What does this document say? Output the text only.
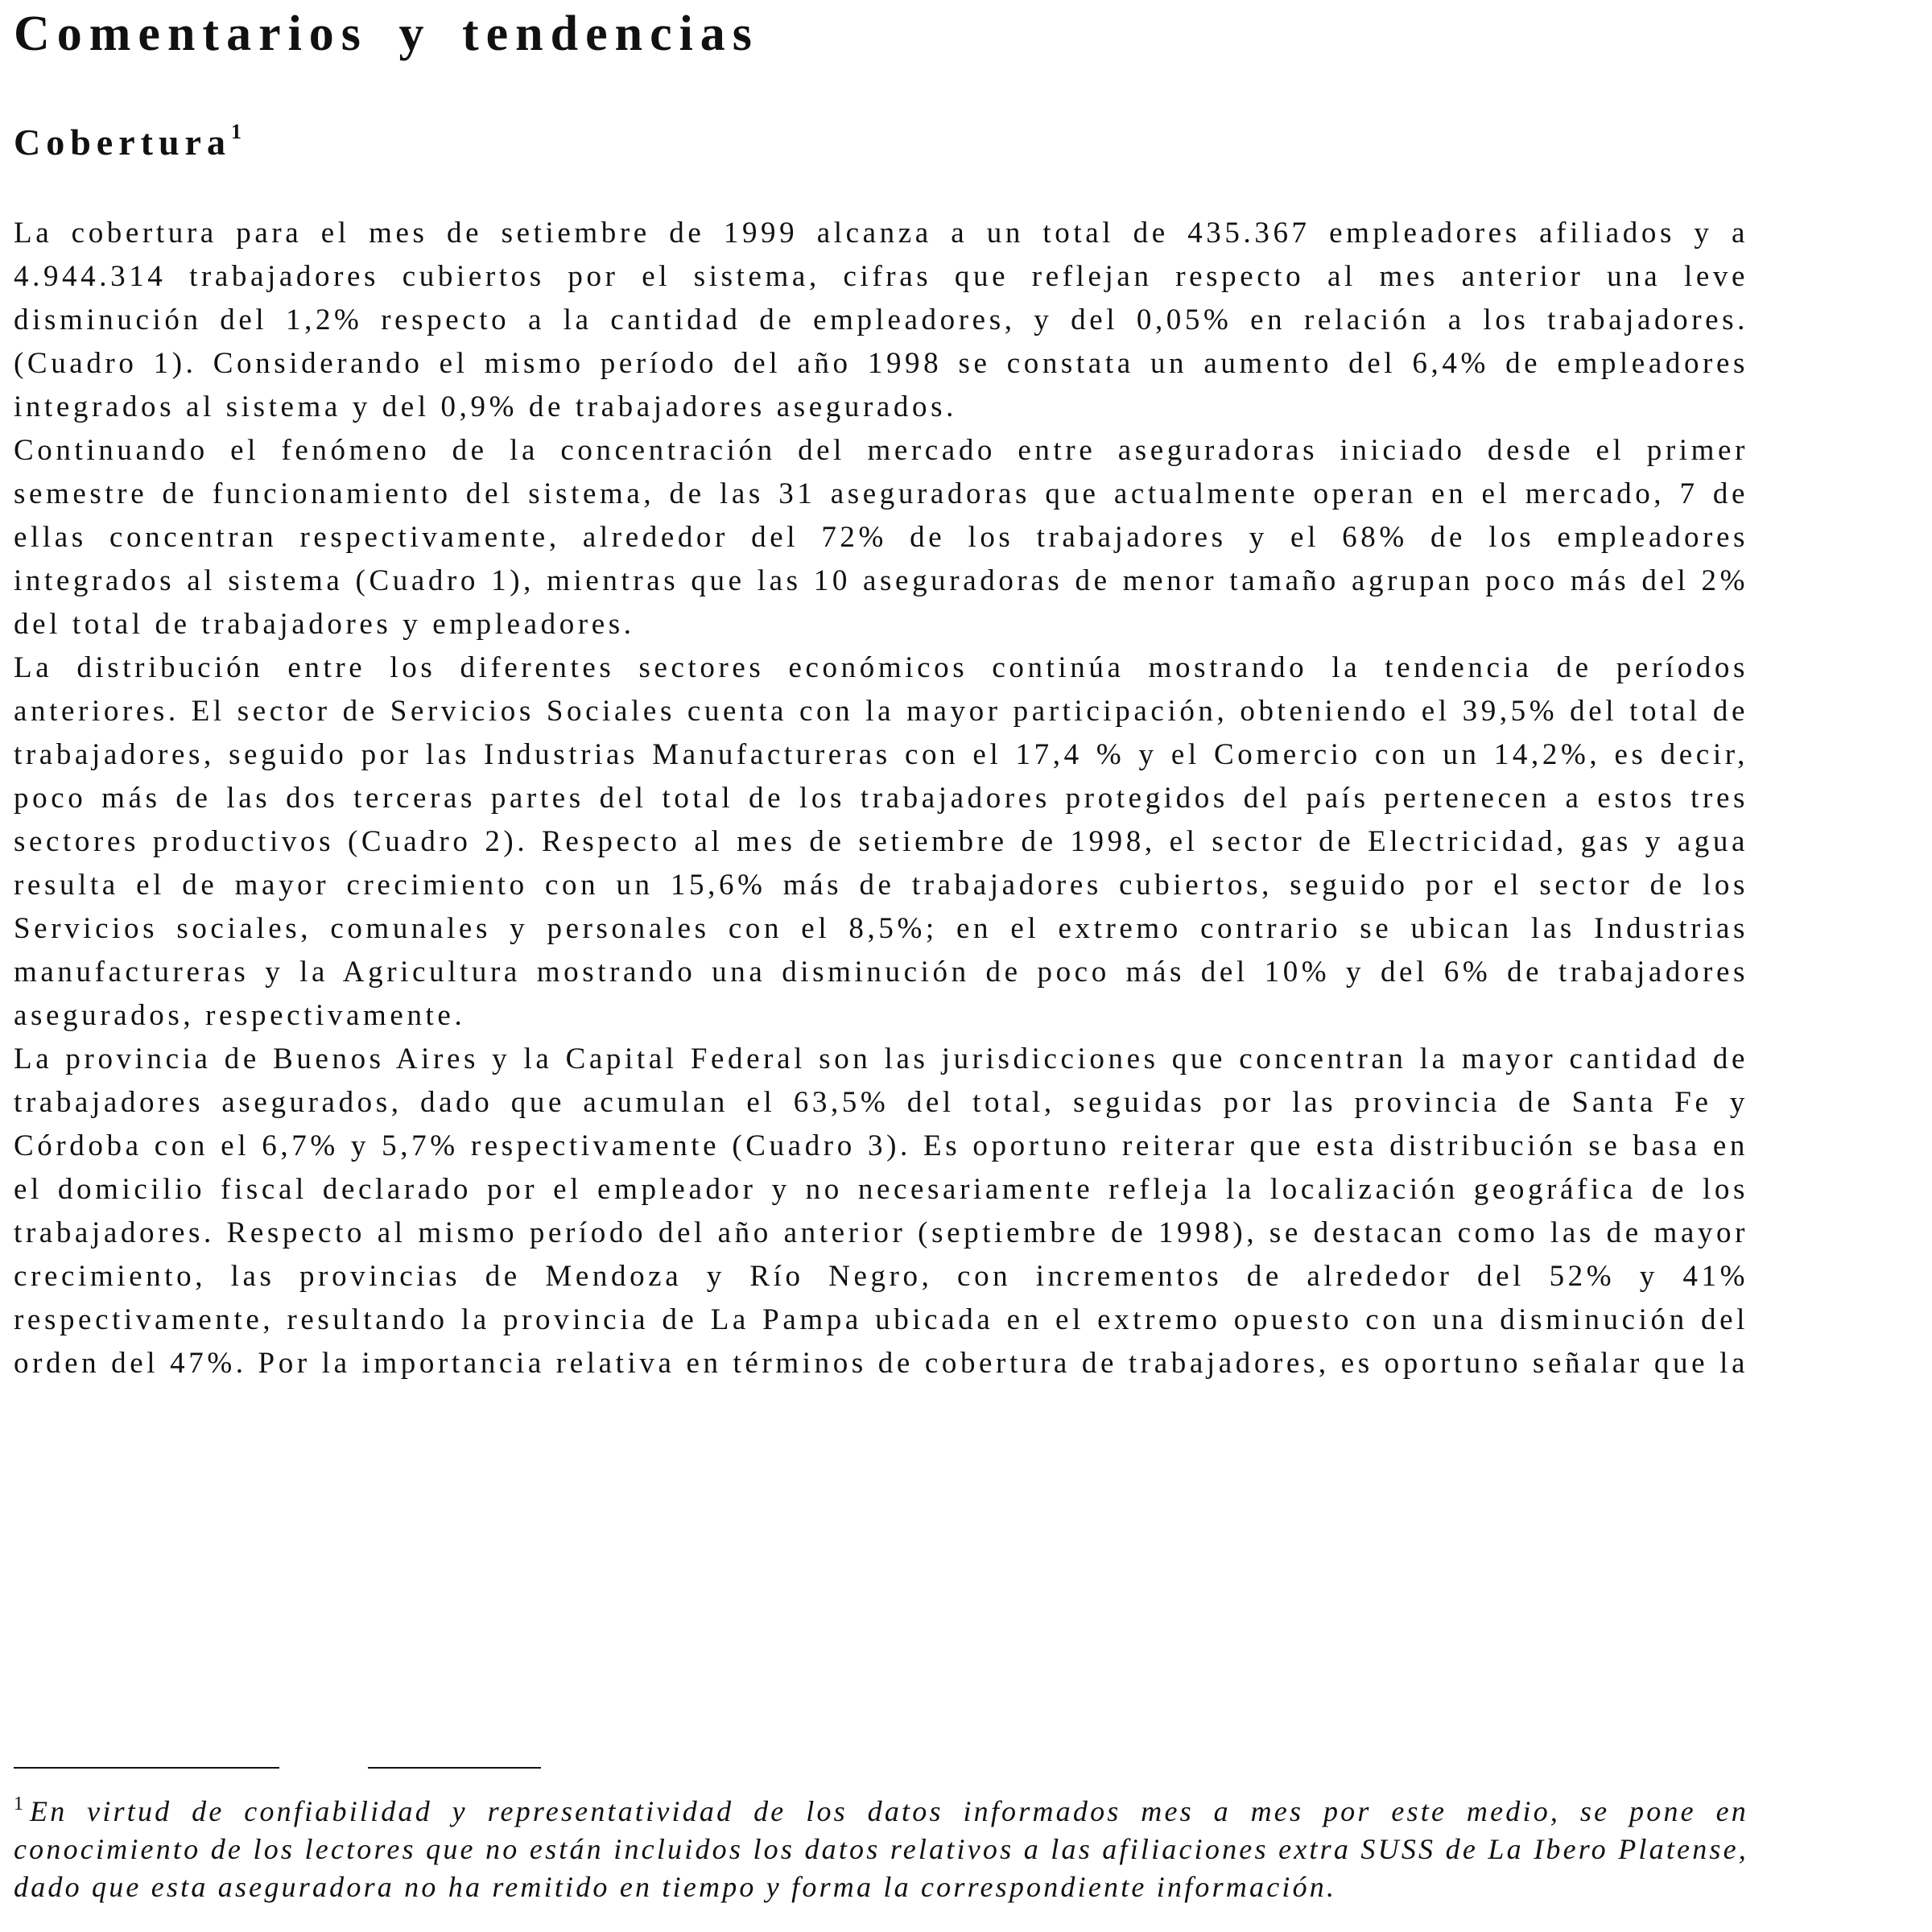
Comentarios y tendencias
Cobertura$^1$

La cobertura para el mes de setiembre de 1999 alcanza a un total de 435.367 empleadores afiliados y a 4.944.314 trabajadores cubiertos por el sistema, cifras que reflejan respecto al mes anterior una leve disminución del 1,2% respecto a la cantidad de empleadores, y del 0,05% en relación a los trabajadores. (Cuadro 1). Considerando el mismo período del año 1998 se constata un aumento del 6,4% de empleadores integrados al sistema y del 0,9% de trabajadores asegurados.

Continuando el fenómeno de la concentración del mercado entre aseguradoras iniciado desde el primer semestre de funcionamiento del sistema, de las 31 aseguradoras que actualmente operan en el mercado, 7 de ellas concentran respectivamente, alrededor del 72% de los trabajadores y el 68% de los empleadores integrados al sistema (Cuadro 1), mientras que las 10 aseguradoras de menor tamaño agrupan poco más del 2% del total de trabajadores y empleadores.

La distribución entre los diferentes sectores económicos continúa mostrando la tendencia de períodos anteriores. El sector de Servicios Sociales cuenta con la mayor participación, obteniendo el 39,5% del total de trabajadores, seguido por las Industrias Manufactureras con el 17,4 % y el Comercio con un 14,2%, es decir, poco más de las dos terceras partes del total de los trabajadores protegidos del país pertenecen a estos tres sectores productivos (Cuadro 2). Respecto al mes de setiembre de 1998, el sector de Electricidad, gas y agua resulta el de mayor crecimiento con un 15,6% más de trabajadores cubiertos, seguido por el sector de los Servicios sociales, comunales y personales con el 8,5%; en el extremo contrario se ubican las Industrias manufactureras y la Agricultura mostrando una disminución de poco más del 10% y del 6% de trabajadores asegurados, respectivamente.

La provincia de Buenos Aires y la Capital Federal son las jurisdicciones que concentran la mayor cantidad de trabajadores asegurados, dado que acumulan el 63,5% del total, seguidas por las provincia de Santa Fe y Córdoba con el 6,7% y 5,7% respectivamente (Cuadro 3). Es oportuno reiterar que esta distribución se basa en el domicilio fiscal declarado por el empleador y no necesariamente refleja la localización geográfica de los trabajadores. Respecto al mismo período del año anterior (septiembre de 1998), se destacan como las de mayor crecimiento, las provincias de Mendoza y Río Negro, con incrementos de alrededor del 52% y 41% respectivamente, resultando la provincia de La Pampa ubicada en el extremo opuesto con una disminución del orden del 47%. Por la importancia relativa en términos de cobertura de trabajadores, es oportuno señalar que la

$^1$ En virtud de confiabilidad y representatividad de los datos informados mes a mes por este medio, se pone en conocimiento de los lectores que no están incluidos los datos relativos a las afiliaciones extra SUSS de La Ibero Platense, dado que esta aseguradora no ha remitido en tiempo y forma la correspondiente información.
